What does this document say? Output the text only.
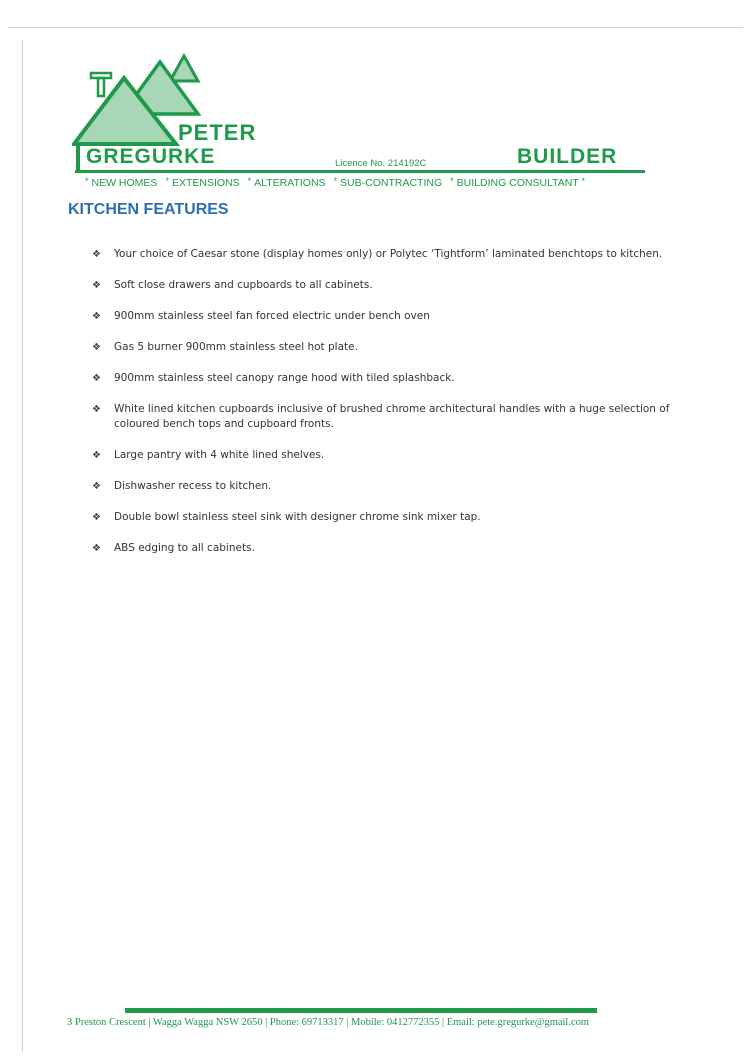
PETER
GREGURKE	Licence No. 214192C	BUILDER
* NEW HOMES * EXTENSIONS * ALTERATIONS * SUB-CONTRACTING * BUILDING CONSULTANT *
KITCHEN FEATURES
❖ Your choice of Caesar stone (display homes only) or Polytec ‘Tightform’ laminated benchtops to kitchen.
❖ Soft close drawers and cupboards to all cabinets.
❖ 900mm stainless steel fan forced electric under bench oven
❖ Gas 5 burner 900mm stainless steel hot plate.
❖ 900mm stainless steel canopy range hood with tiled splashback.
❖ White lined kitchen cupboards inclusive of brushed chrome architectural handles with a huge selection of coloured bench tops and cupboard fronts.
❖ Large pantry with 4 white lined shelves.
❖ Dishwasher recess to kitchen.
❖ Double bowl stainless steel sink with designer chrome sink mixer tap.
❖ ABS edging to all cabinets.
3 Preston Crescent | Wagga Wagga NSW 2650 | Phone: 69713317 | Mobile: 0412772355 | Email: pete.gregurke@gmail.com
